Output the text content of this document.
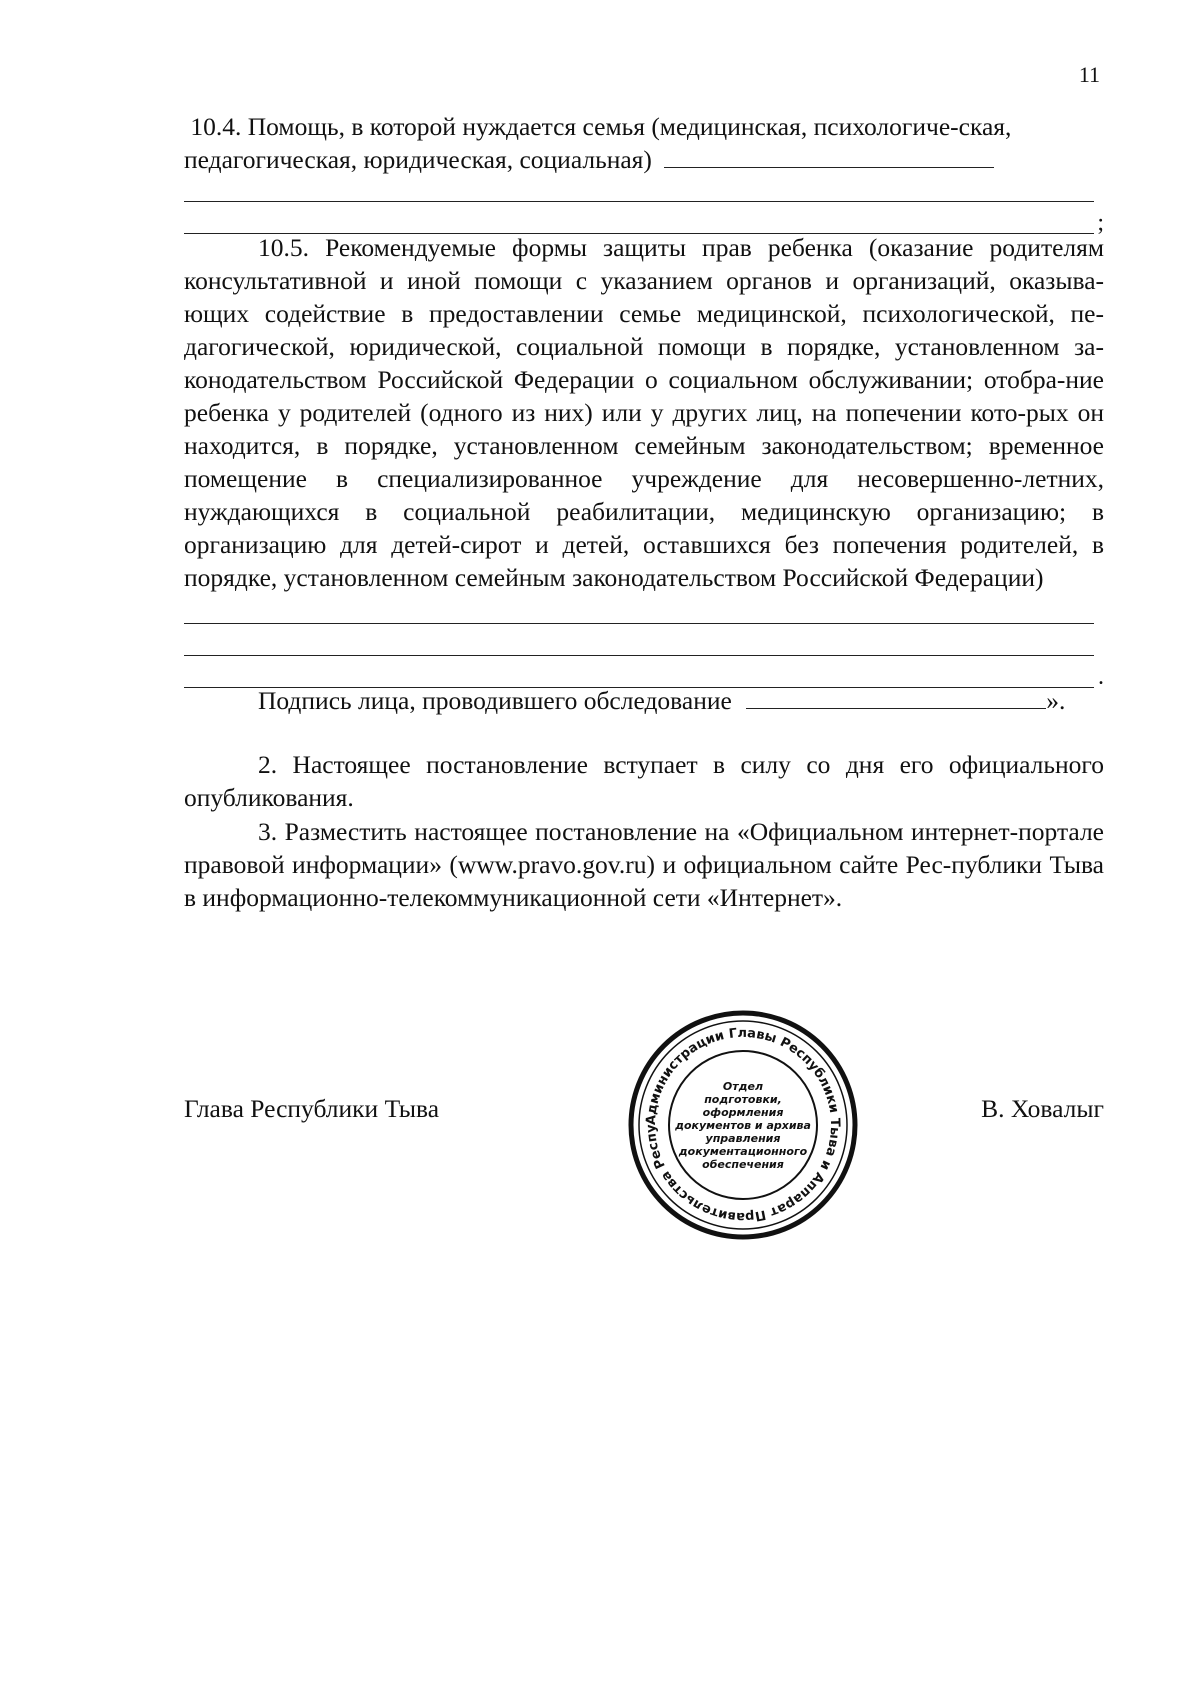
11
10.4. Помощь, в которой нуждается семья (медицинская, психологиче-ская, педагогическая, юридическая, социальная)
;

10.5. Рекомендуемые формы защиты прав ребенка (оказание родителям консультативной и иной помощи с указанием органов и организаций, оказыва-ющих содействие в предоставлении семье медицинской, психологической, пе-дагогической, юридической, социальной помощи в порядке, установленном за-конодательством Российской Федерации о социальном обслуживании; отобра-ние ребенка у родителей (одного из них) или у других лиц, на попечении кото-рых он находится, в порядке, установленном семейным законодательством; временное помещение в специализированное учреждение для несовершенно-летних, нуждающихся в социальной реабилитации, медицинскую организацию; в организацию для детей-сирот и детей, оставшихся без попечения родителей, в порядке, установленном семейным законодательством Российской Федерации)

.
Подпись лица, проводившего обследование	».

2. Настоящее постановление вступает в силу со дня его официального опубликования.

3. Разместить настоящее постановление на «Официальном интернет-портале правовой информации» (www.pravo.gov.ru) и официальном сайте Рес-публики Тыва в информационно-телекоммуникационной сети «Интернет».

Глава Республики Тыва	В. Ховалыг
Администрации Главы Республики Тыва и Аппарат Правительства Респу
Отдел
подготовки,
оформления
документов и архива
управления
документационного
обеспечения
